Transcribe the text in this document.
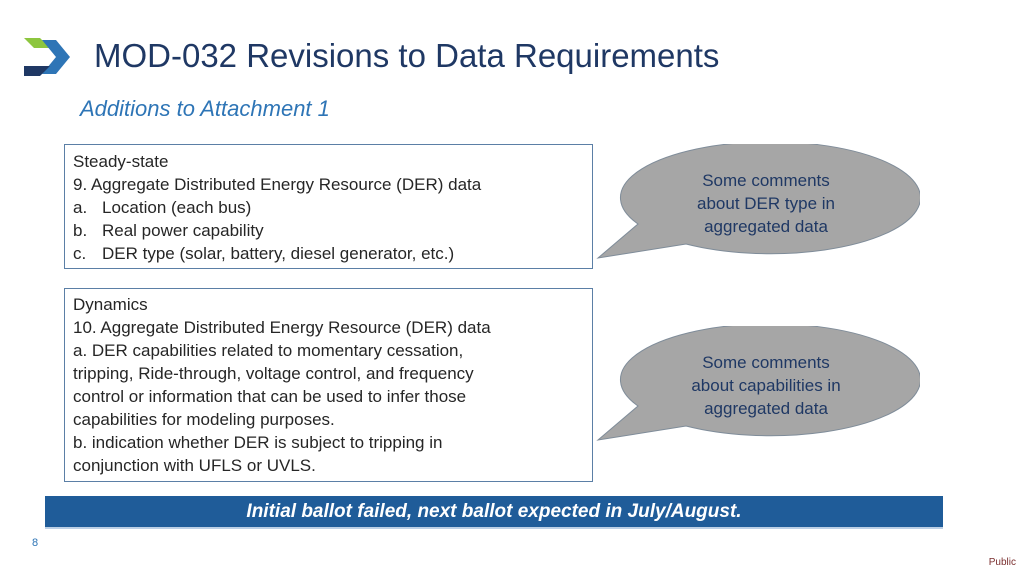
MOD-032 Revisions to Data Requirements
Additions to Attachment 1
Steady-state
9. Aggregate Distributed Energy Resource (DER) data
a. Location (each bus)
b. Real power capability
c. DER type (solar, battery, diesel generator, etc.)
Dynamics
10. Aggregate Distributed Energy Resource (DER) data
a. DER capabilities related to momentary cessation,
tripping, Ride-through, voltage control, and frequency
control or information that can be used to infer those
capabilities for modeling purposes.
b. indication whether DER is subject to tripping in
conjunction with UFLS or UVLS.
Some comments
about DER type in
aggregated data
Some comments
about capabilities in
aggregated data
Initial ballot failed, next ballot expected in July/August.
8
Public
